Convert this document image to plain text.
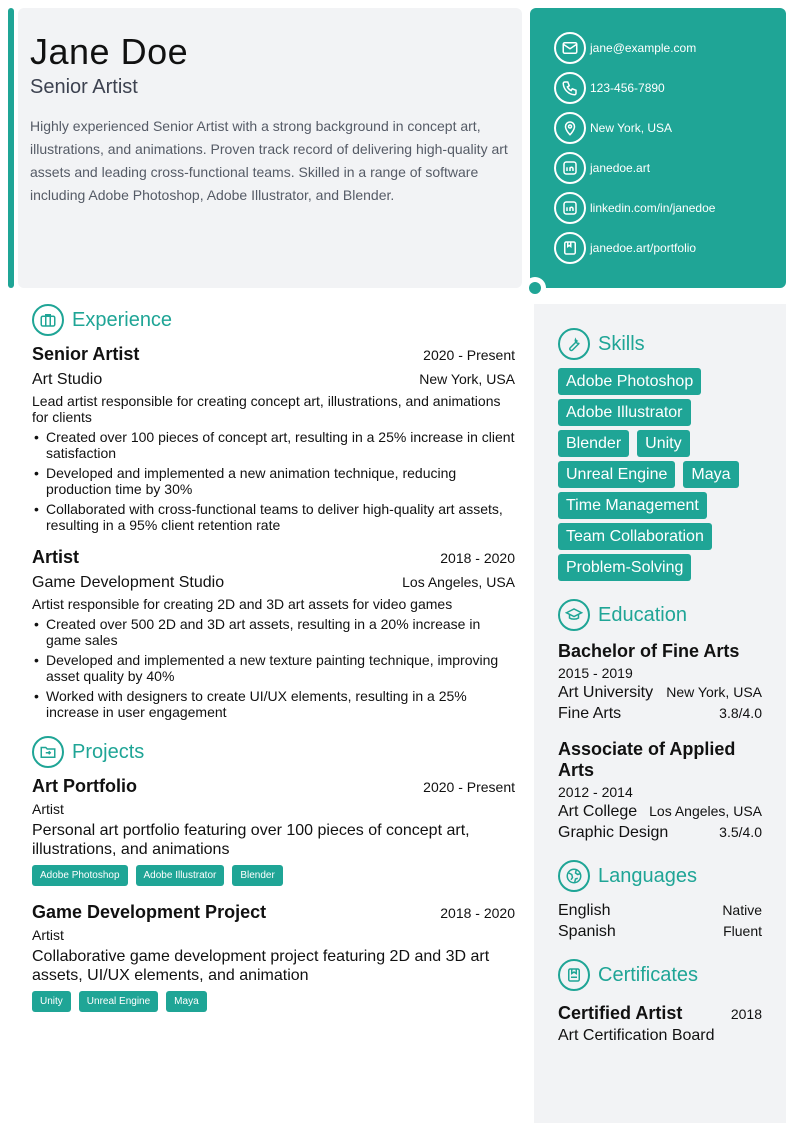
Jane Doe
Senior Artist

Highly experienced Senior Artist with a strong background in concept art, illustrations, and animations. Proven track record of delivering high-quality art assets and leading cross-functional teams. Skilled in a range of software including Adobe Photoshop, Adobe Illustrator, and Blender.

jane@example.com
123-456-7890
New York, USA
janedoe.art
linkedin.com/in/janedoe
janedoe.art/portfolio
Experience
Senior Artist	2020 - Present
Art Studio	New York, USA
Lead artist responsible for creating concept art, illustrations, and animations for clients
• Created over 100 pieces of concept art, resulting in a 25% increase in client satisfaction
• Developed and implemented a new animation technique, reducing production time by 30%
• Collaborated with cross-functional teams to deliver high-quality art assets, resulting in a 95% client retention rate
Artist	2018 - 2020
Game Development Studio	Los Angeles, USA
Artist responsible for creating 2D and 3D art assets for video games
• Created over 500 2D and 3D art assets, resulting in a 20% increase in game sales
• Developed and implemented a new texture painting technique, improving asset quality by 40%
• Worked with designers to create UI/UX elements, resulting in a 25% increase in user engagement
Projects
Art Portfolio	2020 - Present
Artist
Personal art portfolio featuring over 100 pieces of concept art, illustrations, and animations
Adobe Photoshop	Adobe Illustrator	Blender
Game Development Project	2018 - 2020
Artist
Collaborative game development project featuring 2D and 3D art assets, UI/UX elements, and animation
Unity	Unreal Engine	Maya
Skills
Adobe Photoshop
Adobe Illustrator
Blender	Unity
Unreal Engine	Maya
Time Management
Team Collaboration
Problem-Solving
Education
Bachelor of Fine Arts
2015 - 2019
Art University New York, USA
Fine Arts	3.8/4.0
Associate of Applied Arts
2012 - 2014
Art College Los Angeles, USA
Graphic Design	3.5/4.0
Languages
English	Native
Spanish	Fluent
Certificates
Certified Artist	2018
Art Certification Board
